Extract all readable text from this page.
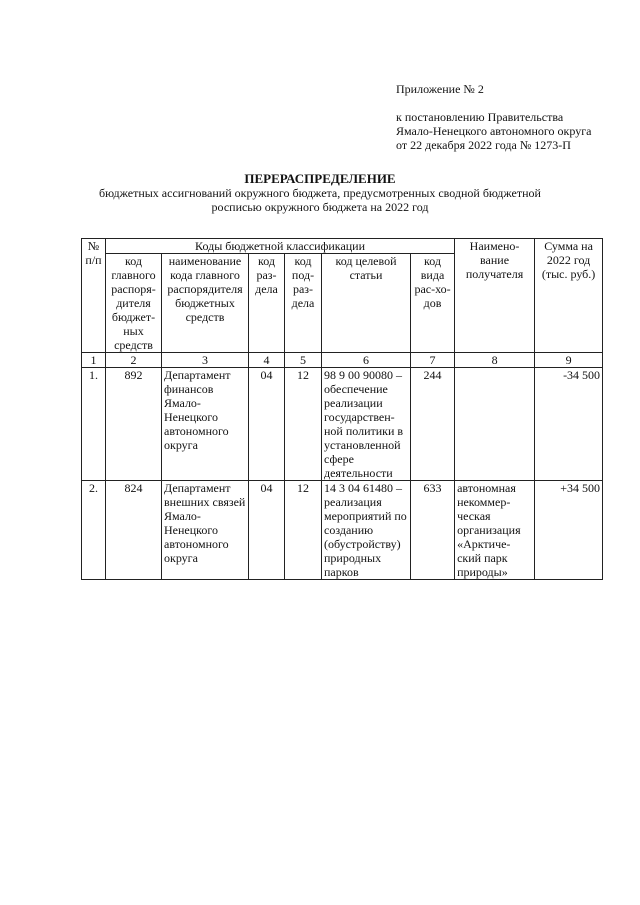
Приложение № 2
к постановлению Правительства
Ямало-Ненецкого автономного округа
от 22 декабря 2022 года № 1273-П
ПЕРЕРАСПРЕДЕЛЕНИЕ
бюджетных ассигнований окружного бюджета, предусмотренных сводной бюджетной
росписью окружного бюджета на 2022 год
№ п/п	Коды бюджетной классификации						Наимено-вание получателя	Сумма на 2022 год (тыс. руб.)
	код главного распоря-дителя бюджет-ных средств	наименование кода главного распорядителя бюджетных средств	код раз-дела	код под-раз-дела	код целевой статьи	код вида рас-хо-дов		
1	2	3	4	5	6	7	8	9
1.	892	Департамент финансов Ямало-Ненецкого автономного округа	04	12	98 9 00 90080 – обеспечение реализации государствен-ной политики в установленной сфере деятельности	244		-34 500
2.	824	Департамент внешних связей Ямало-Ненецкого автономного округа	04	12	14 3 04 61480 – реализация мероприятий по созданию (обустройству) природных парков	633	автономная некоммер-ческая организация «Арктиче-ский парк природы»	+34 500
